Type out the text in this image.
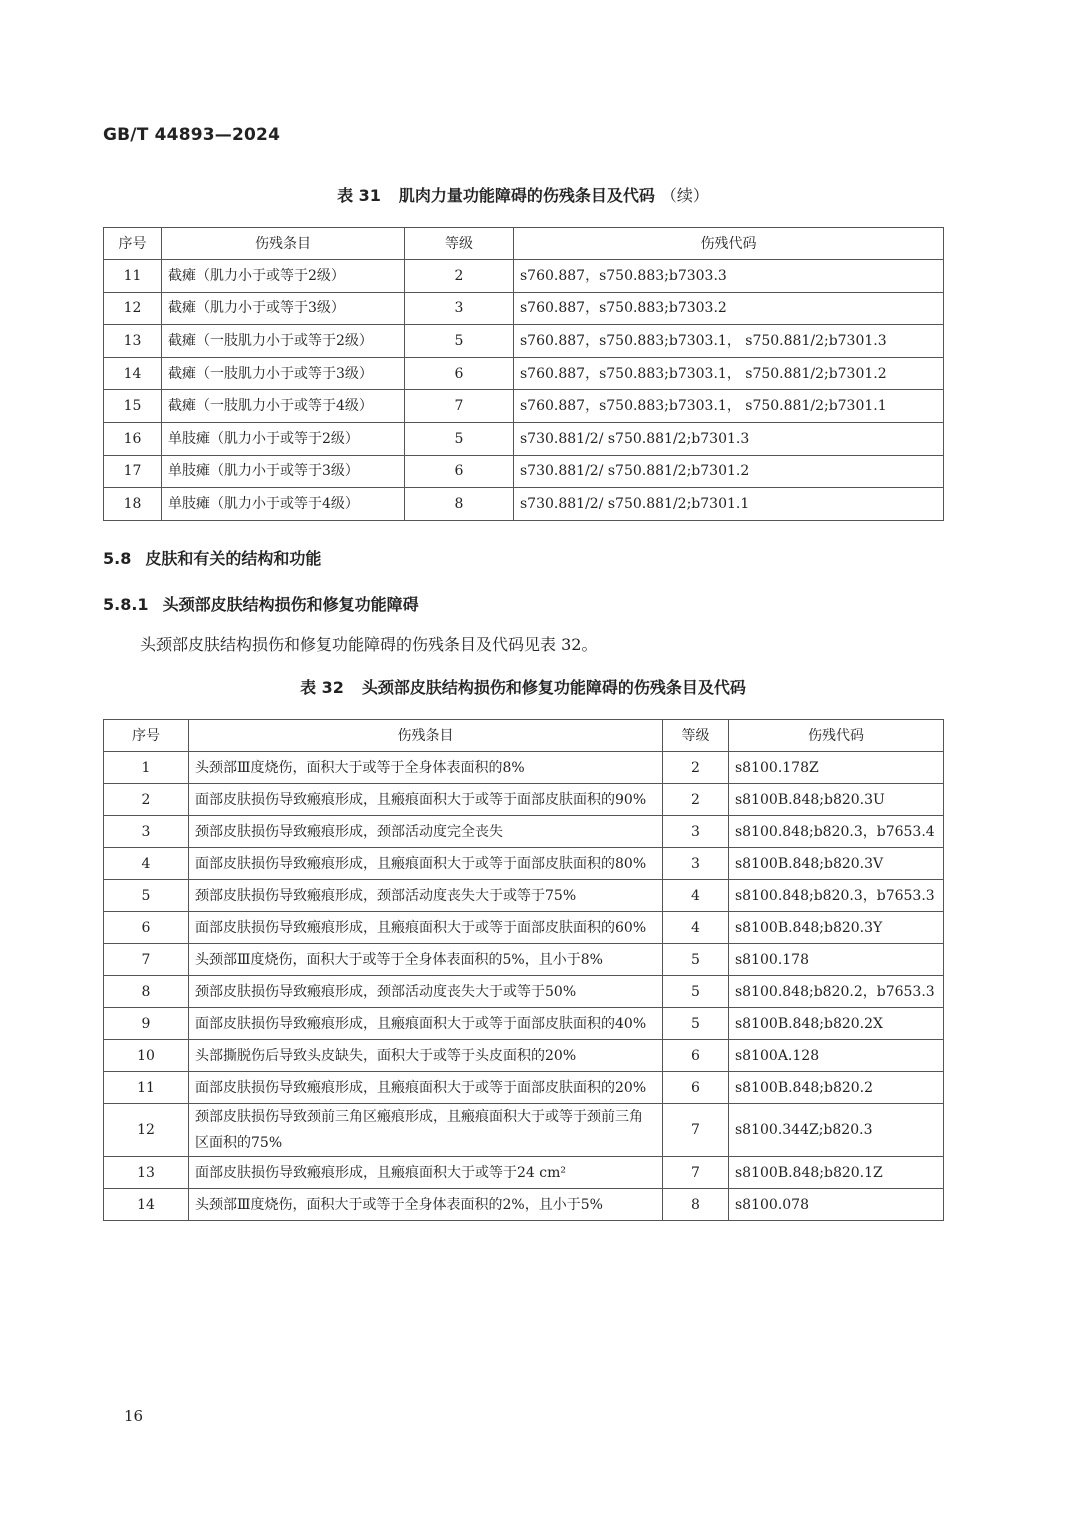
GB/T 44893—2024
表 31 肌肉力量功能障碍的伤残条目及代码 （续）
序号	伤残条目	等级	伤残代码
11	截瘫（肌力小于或等于2级）	2	s760.887，s750.883;b7303.3
12	截瘫（肌力小于或等于3级）	3	s760.887，s750.883;b7303.2
13	截瘫（一肢肌力小于或等于2级）	5	s760.887，s750.883;b7303.1， s750.881/2;b7301.3
14	截瘫（一肢肌力小于或等于3级）	6	s760.887，s750.883;b7303.1， s750.881/2;b7301.2
15	截瘫（一肢肌力小于或等于4级）	7	s760.887，s750.883;b7303.1， s750.881/2;b7301.1
16	单肢瘫（肌力小于或等于2级）	5	s730.881/2/ s750.881/2;b7301.3
17	单肢瘫（肌力小于或等于3级）	6	s730.881/2/ s750.881/2;b7301.2
18	单肢瘫（肌力小于或等于4级）	8	s730.881/2/ s750.881/2;b7301.1
5.8 皮肤和有关的结构和功能
5.8.1 头颈部皮肤结构损伤和修复功能障碍
头颈部皮肤结构损伤和修复功能障碍的伤残条目及代码见表 32。
表 32 头颈部皮肤结构损伤和修复功能障碍的伤残条目及代码
序号	伤残条目	等级	伤残代码
1	头颈部Ⅲ度烧伤，面积大于或等于全身体表面积的8%	2	s8100.178Z
2	面部皮肤损伤导致瘢痕形成，且瘢痕面积大于或等于面部皮肤面积的90%	2	s8100B.848;b820.3U
3	颈部皮肤损伤导致瘢痕形成，颈部活动度完全丧失	3	s8100.848;b820.3，b7653.4
4	面部皮肤损伤导致瘢痕形成，且瘢痕面积大于或等于面部皮肤面积的80%	3	s8100B.848;b820.3V
5	颈部皮肤损伤导致瘢痕形成，颈部活动度丧失大于或等于75%	4	s8100.848;b820.3，b7653.3
6	面部皮肤损伤导致瘢痕形成，且瘢痕面积大于或等于面部皮肤面积的60%	4	s8100B.848;b820.3Y
7	头颈部Ⅲ度烧伤，面积大于或等于全身体表面积的5%，且小于8%	5	s8100.178
8	颈部皮肤损伤导致瘢痕形成，颈部活动度丧失大于或等于50%	5	s8100.848;b820.2，b7653.3
9	面部皮肤损伤导致瘢痕形成，且瘢痕面积大于或等于面部皮肤面积的40%	5	s8100B.848;b820.2X
10	头部撕脱伤后导致头皮缺失，面积大于或等于头皮面积的20%	6	s8100A.128
11	面部皮肤损伤导致瘢痕形成，且瘢痕面积大于或等于面部皮肤面积的20%	6	s8100B.848;b820.2
12	颈部皮肤损伤导致颈前三角区瘢痕形成，且瘢痕面积大于或等于颈前三角区面积的75%	7	s8100.344Z;b820.3
13	面部皮肤损伤导致瘢痕形成，且瘢痕面积大于或等于24 cm²	7	s8100B.848;b820.1Z
14	头颈部Ⅲ度烧伤，面积大于或等于全身体表面积的2%，且小于5%	8	s8100.078
16
